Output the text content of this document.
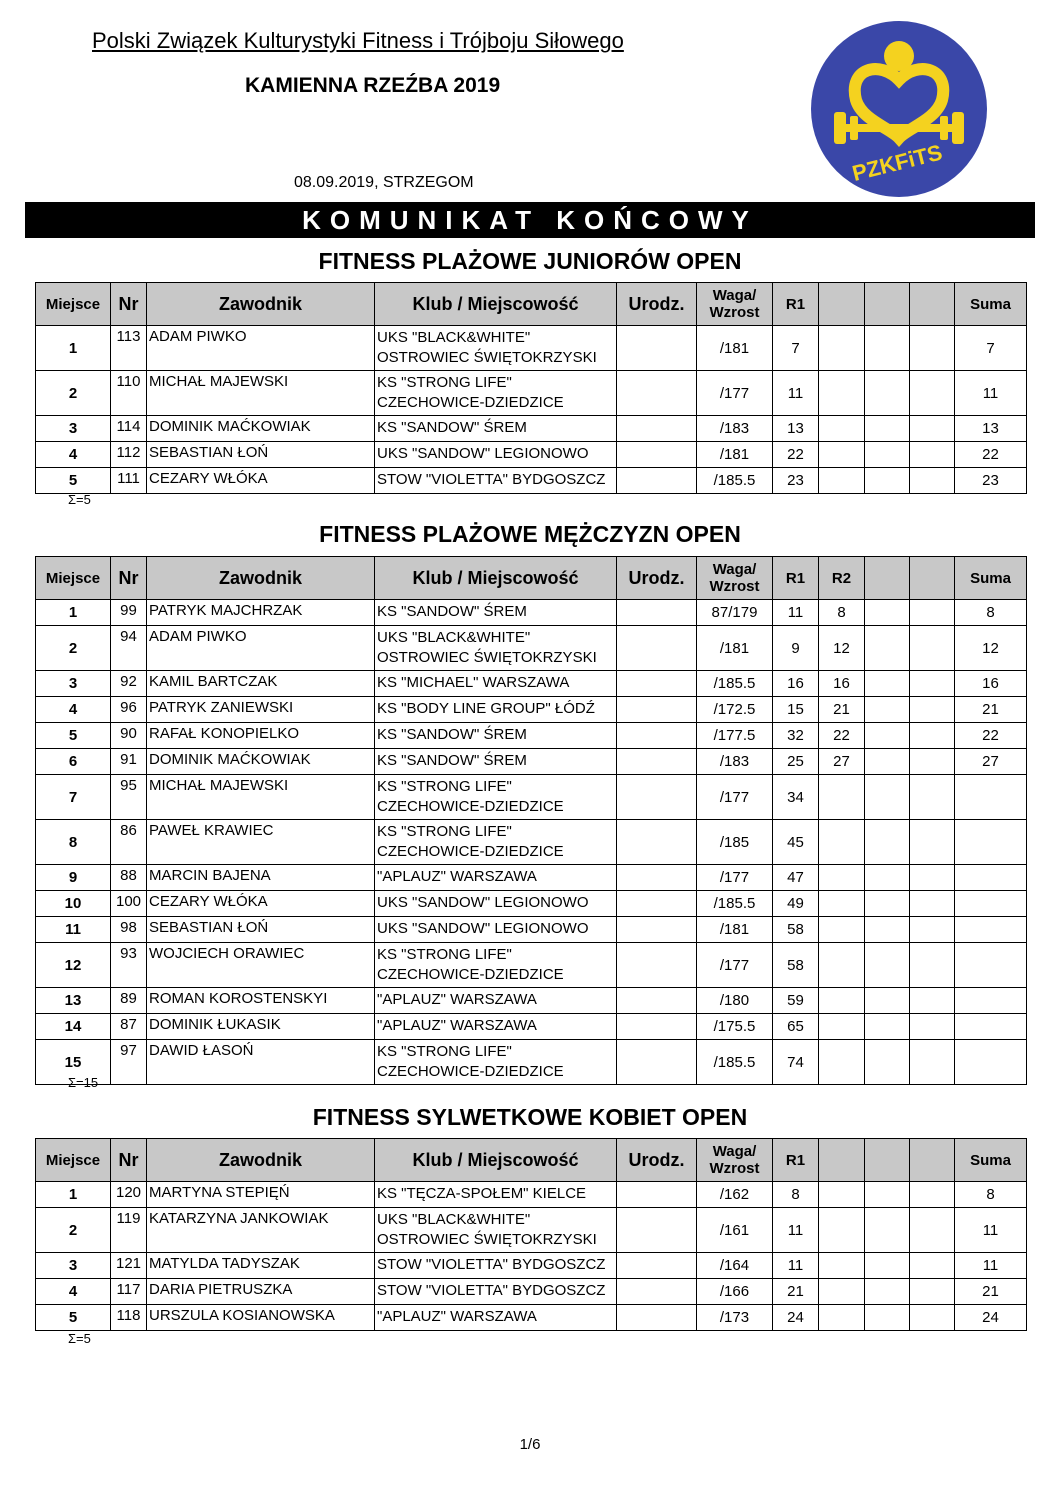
Polski Związek Kulturystyki Fitness i Trójboju Siłowego
KAMIENNA RZEŹBA 2019
08.09.2019, STRZEGOM	PZKFiTS
KOMUNIKAT KOŃCOWY
FITNESS PLAŻOWE JUNIORÓW OPEN
Miejsce	Nr	Zawodnik	Klub / Miejscowość	Urodz.	Waga/
Wzrost	R1				Suma
1	113	ADAM PIWKO	UKS "BLACK&WHITE"
OSTROWIEC ŚWIĘTOKRZYSKI		/181	7				7
2	110	MICHAŁ MAJEWSKI	KS "STRONG LIFE"
CZECHOWICE-DZIEDZICE		/177	11				11
3	114	DOMINIK MAĆKOWIAK	KS "SANDOW" ŚREM		/183	13				13
4	112	SEBASTIAN ŁOŃ	UKS "SANDOW" LEGIONOWO		/181	22				22
5	111	CEZARY WŁÓKA	STOW "VIOLETTA" BYDGOSZCZ		/185.5	23				23
Σ=5
FITNESS PLAŻOWE MĘŻCZYZN OPEN
Miejsce	Nr	Zawodnik	Klub / Miejscowość	Urodz.	Waga/
Wzrost	R1	R2			Suma
1	99	PATRYK MAJCHRZAK	KS "SANDOW" ŚREM		87/179	11	8			8
2	94	ADAM PIWKO	UKS "BLACK&WHITE"
OSTROWIEC ŚWIĘTOKRZYSKI		/181	9	12			12
3	92	KAMIL BARTCZAK	KS "MICHAEL" WARSZAWA		/185.5	16	16			16
4	96	PATRYK ZANIEWSKI	KS "BODY LINE GROUP" ŁÓDŹ		/172.5	15	21			21
5	90	RAFAŁ KONOPIELKO	KS "SANDOW" ŚREM		/177.5	32	22			22
6	91	DOMINIK MAĆKOWIAK	KS "SANDOW" ŚREM		/183	25	27			27
7	95	MICHAŁ MAJEWSKI	KS "STRONG LIFE"
CZECHOWICE-DZIEDZICE		/177	34				
8	86	PAWEŁ KRAWIEC	KS "STRONG LIFE"
CZECHOWICE-DZIEDZICE		/185	45				
9	88	MARCIN BAJENA	"APLAUZ" WARSZAWA		/177	47				
10	100	CEZARY WŁÓKA	UKS "SANDOW" LEGIONOWO		/185.5	49				
11	98	SEBASTIAN ŁOŃ	UKS "SANDOW" LEGIONOWO		/181	58				
12	93	WOJCIECH ORAWIEC	KS "STRONG LIFE"
CZECHOWICE-DZIEDZICE		/177	58				
13	89	ROMAN KOROSTENSKYI	"APLAUZ" WARSZAWA		/180	59				
14	87	DOMINIK ŁUKASIK	"APLAUZ" WARSZAWA		/175.5	65				
15	97	DAWID ŁASOŃ	KS "STRONG LIFE"
CZECHOWICE-DZIEDZICE		/185.5	74				
Σ=15
FITNESS SYLWETKOWE KOBIET OPEN
Miejsce	Nr	Zawodnik	Klub / Miejscowość	Urodz.	Waga/
Wzrost	R1				Suma
1	120	MARTYNA STEPIĘŃ	KS "TĘCZA-SPOŁEM" KIELCE		/162	8				8
2	119	KATARZYNA JANKOWIAK	UKS "BLACK&WHITE"
OSTROWIEC ŚWIĘTOKRZYSKI		/161	11				11
3	121	MATYLDA TADYSZAK	STOW "VIOLETTA" BYDGOSZCZ		/164	11				11
4	117	DARIA PIETRUSZKA	STOW "VIOLETTA" BYDGOSZCZ		/166	21				21
5	118	URSZULA KOSIANOWSKA	"APLAUZ" WARSZAWA		/173	24				24
Σ=5
1/6
